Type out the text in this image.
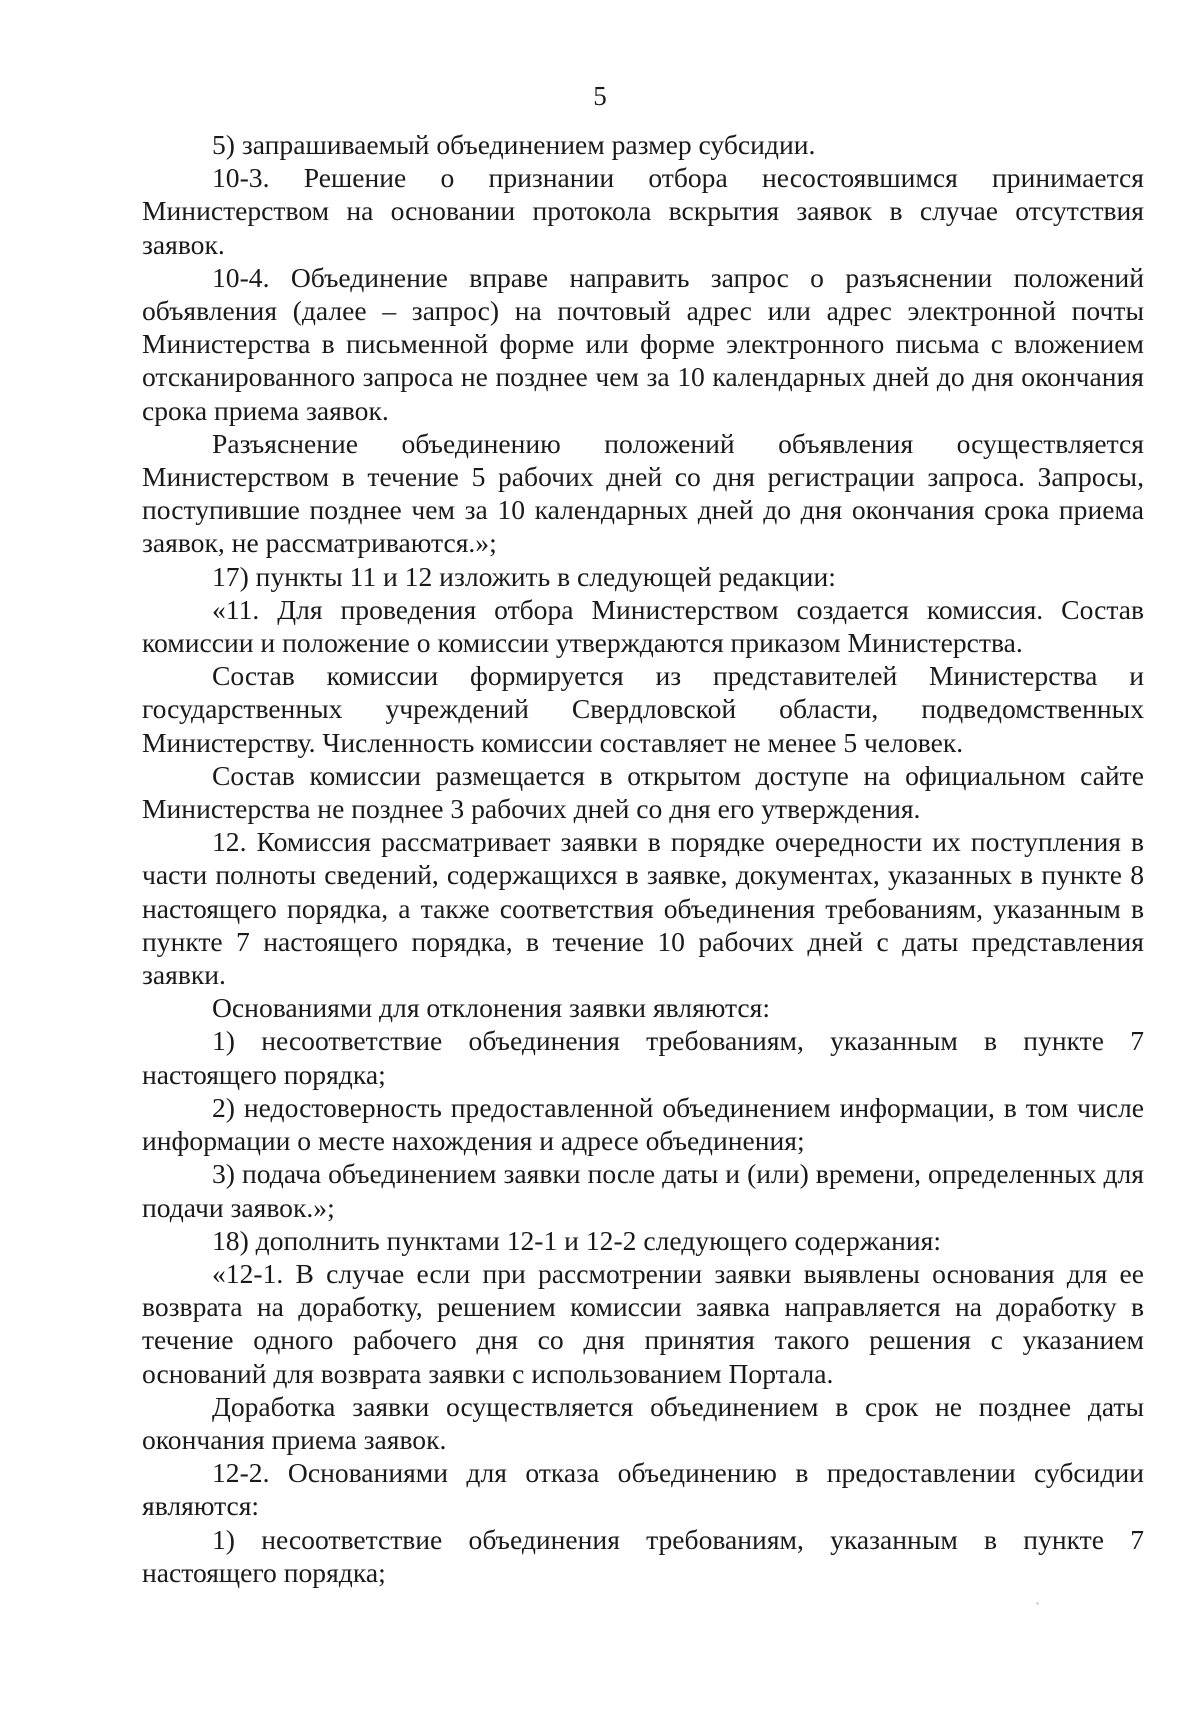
5

5) запрашиваемый объединением размер субсидии.

10-3. Решение о признании отбора несостоявшимся принимается Министерством на основании протокола вскрытия заявок в случае отсутствия заявок.

10-4. Объединение вправе направить запрос о разъяснении положений объявления (далее – запрос) на почтовый адрес или адрес электронной почты Министерства в письменной форме или форме электронного письма с вложением отсканированного запроса не позднее чем за 10 календарных дней до дня окончания срока приема заявок.

Разъяснение объединению положений объявления осуществляется Министерством в течение 5 рабочих дней со дня регистрации запроса. Запросы, поступившие позднее чем за 10 календарных дней до дня окончания срока приема заявок, не рассматриваются.»;

17) пункты 11 и 12 изложить в следующей редакции:

«11. Для проведения отбора Министерством создается комиссия. Состав комиссии и положение о комиссии утверждаются приказом Министерства.

Состав комиссии формируется из представителей Министерства и государственных учреждений Свердловской области, подведомственных Министерству. Численность комиссии составляет не менее 5 человек.

Состав комиссии размещается в открытом доступе на официальном сайте Министерства не позднее 3 рабочих дней со дня его утверждения.

12. Комиссия рассматривает заявки в порядке очередности их поступления в части полноты сведений, содержащихся в заявке, документах, указанных в пункте 8 настоящего порядка, а также соответствия объединения требованиям, указанным в пункте 7 настоящего порядка, в течение 10 рабочих дней с даты представления заявки.

Основаниями для отклонения заявки являются:

1) несоответствие объединения требованиям, указанным в пункте 7 настоящего порядка;

2) недостоверность предоставленной объединением информации, в том числе информации о месте нахождения и адресе объединения;

3) подача объединением заявки после даты и (или) времени, определенных для подачи заявок.»;

18) дополнить пунктами 12-1 и 12-2 следующего содержания:

«12-1. В случае если при рассмотрении заявки выявлены основания для ее возврата на доработку, решением комиссии заявка направляется на доработку в течение одного рабочего дня со дня принятия такого решения с указанием оснований для возврата заявки с использованием Портала.

Доработка заявки осуществляется объединением в срок не позднее даты окончания приема заявок.

12-2. Основаниями для отказа объединению в предоставлении субсидии являются:

1) несоответствие объединения требованиям, указанным в пункте 7 настоящего порядка;
